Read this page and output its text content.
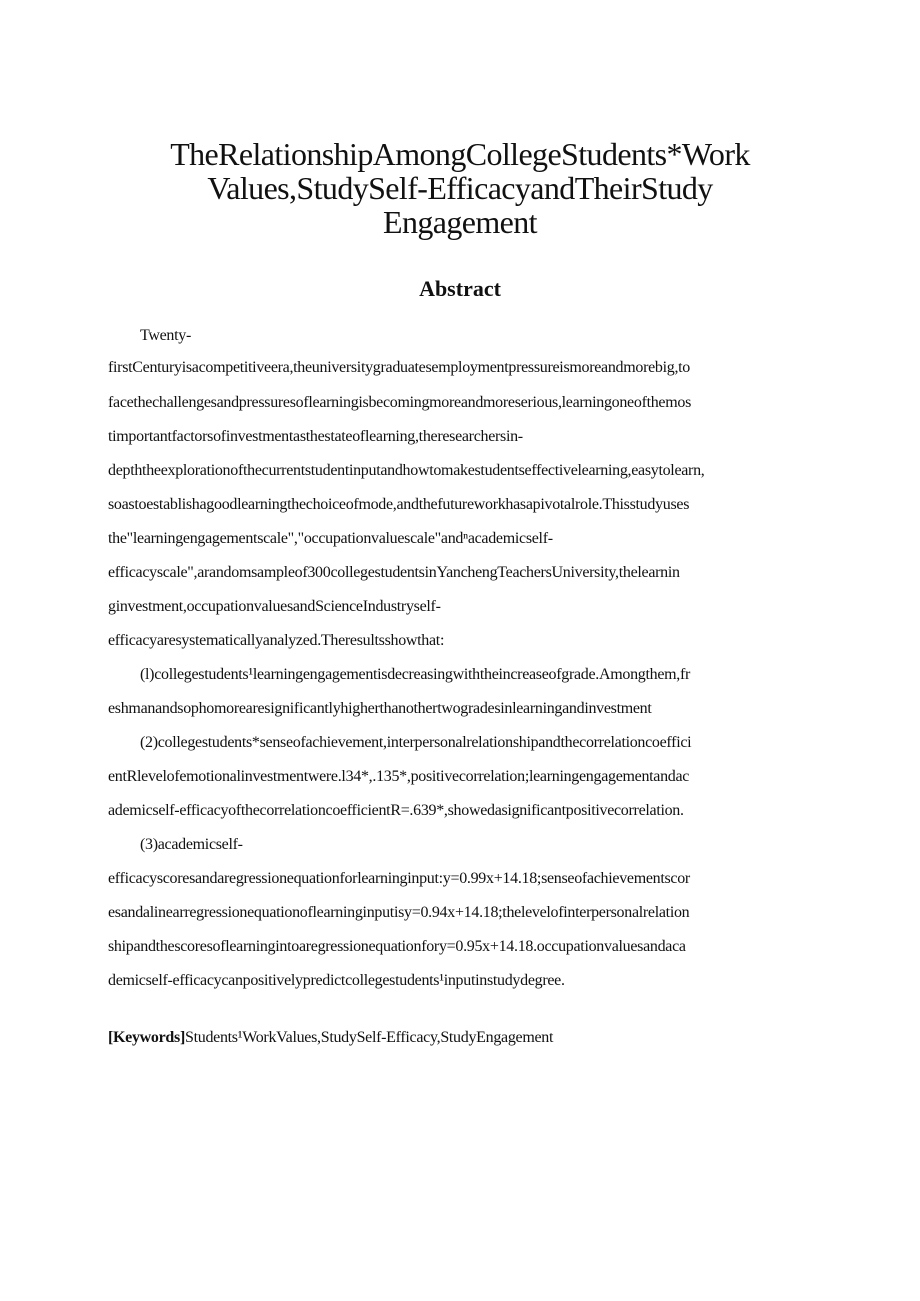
TheRelationshipAmongCollegeStudents*Work
Values,StudySelf-EfficacyandTheirStudy
Engagement
Abstract
Twenty-
firstCenturyisacompetitiveera,theuniversitygraduatesemploymentpressureismoreandmorebig,to
facethechallengesandpressuresoflearningisbecomingmoreandmoreserious,learningoneofthemos
timportantfactorsofinvestmentasthestateoflearning,theresearchersin-
depththeexplorationofthecurrentstudentinputandhowtomakestudentseffectivelearning,easytolearn,
soastoestablishagoodlearningthechoiceofmode,andthefutureworkhasapivotalrole.Thisstudyuses
the"learningengagementscale","occupationvaluescale"andⁿacademicself-
efficacyscale",arandomsampleof300collegestudentsinYanchengTeachersUniversity,thelearnin
ginvestment,occupationvaluesandScienceIndustryself-
efficacyaresystematicallyanalyzed.Theresultsshowthat:
(l)collegestudents¹learningengagementisdecreasingwiththeincreaseofgrade.Amongthem,fr
eshmanandsophomorearesignificantlyhigherthanothertwogradesinlearningandinvestment
(2)collegestudents*senseofachievement,interpersonalrelationshipandthecorrelationcoeffici
entRlevelofemotionalinvestmentwere.l34*,.135*,positivecorrelation;learningengagementandac
ademicself-efficacyofthecorrelationcoefficientR=.639*,showedasignificantpositivecorrelation.
(3)academicself-
efficacyscoresandaregressionequationforlearninginput:y=0.99x+14.18;senseofachievementscor
esandalinearregressionequationoflearninginputisy=0.94x+14.18;thelevelofinterpersonalrelation
shipandthescoresoflearningintoaregressionequationfory=0.95x+14.18.occupationvaluesandaca
demicself-efficacycanpositivelypredictcollegestudents¹inputinstudydegree.
[Keywords]Students¹WorkValues,StudySelf-Efficacy,StudyEngagement
